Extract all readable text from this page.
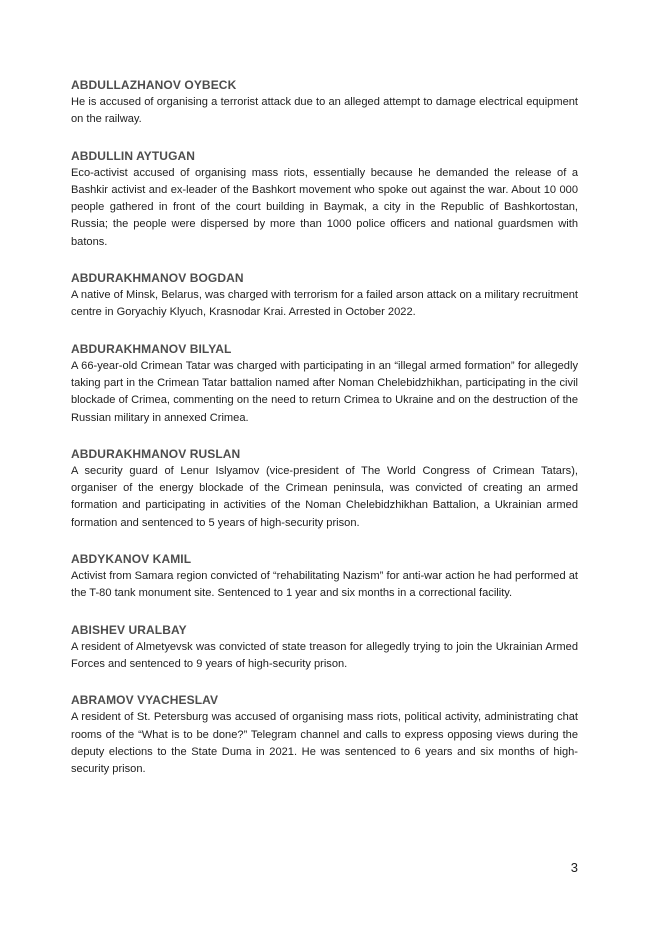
ABDULLAZHANOV OYBECK

He is accused of organising a terrorist attack due to an alleged attempt to damage electrical equipment on the railway.

ABDULLIN AYTUGAN

Eco-activist accused of organising mass riots, essentially because he demanded the release of a Bashkir activist and ex-leader of the Bashkort movement who spoke out against the war. About 10 000 people gathered in front of the court building in Baymak, a city in the Republic of Bashkortostan, Russia; the people were dispersed by more than 1000 police officers and national guardsmen with batons.

ABDURAKHMANOV BOGDAN

A native of Minsk, Belarus, was charged with terrorism for a failed arson attack on a military recruitment centre in Goryachiy Klyuch, Krasnodar Krai. Arrested in October 2022.

ABDURAKHMANOV BILYAL

A 66-year-old Crimean Tatar was charged with participating in an “illegal armed formation” for allegedly taking part in the Crimean Tatar battalion named after Noman Chelebidzhikhan, participating in the civil blockade of Crimea, commenting on the need to return Crimea to Ukraine and on the destruction of the Russian military in annexed Crimea.

ABDURAKHMANOV RUSLAN

A security guard of Lenur Islyamov (vice-president of The World Congress of Crimean Tatars), organiser of the energy blockade of the Crimean peninsula, was convicted of creating an armed formation and participating in activities of the Noman Chelebidzhikhan Battalion, a Ukrainian armed formation and sentenced to 5 years of high-security prison.

ABDYKANOV KAMIL

Activist from Samara region convicted of “rehabilitating Nazism” for anti-war action he had performed at the T-80 tank monument site. Sentenced to 1 year and six months in a correctional facility.

ABISHEV URALBAY

A resident of Almetyevsk was convicted of state treason for allegedly trying to join the Ukrainian Armed Forces and sentenced to 9 years of high-security prison.

ABRAMOV VYACHESLAV

A resident of St. Petersburg was accused of organising mass riots, political activity, administrating chat rooms of the “What is to be done?” Telegram channel and calls to express opposing views during the deputy elections to the State Duma in 2021. He was sentenced to 6 years and six months of high-security prison.

3
